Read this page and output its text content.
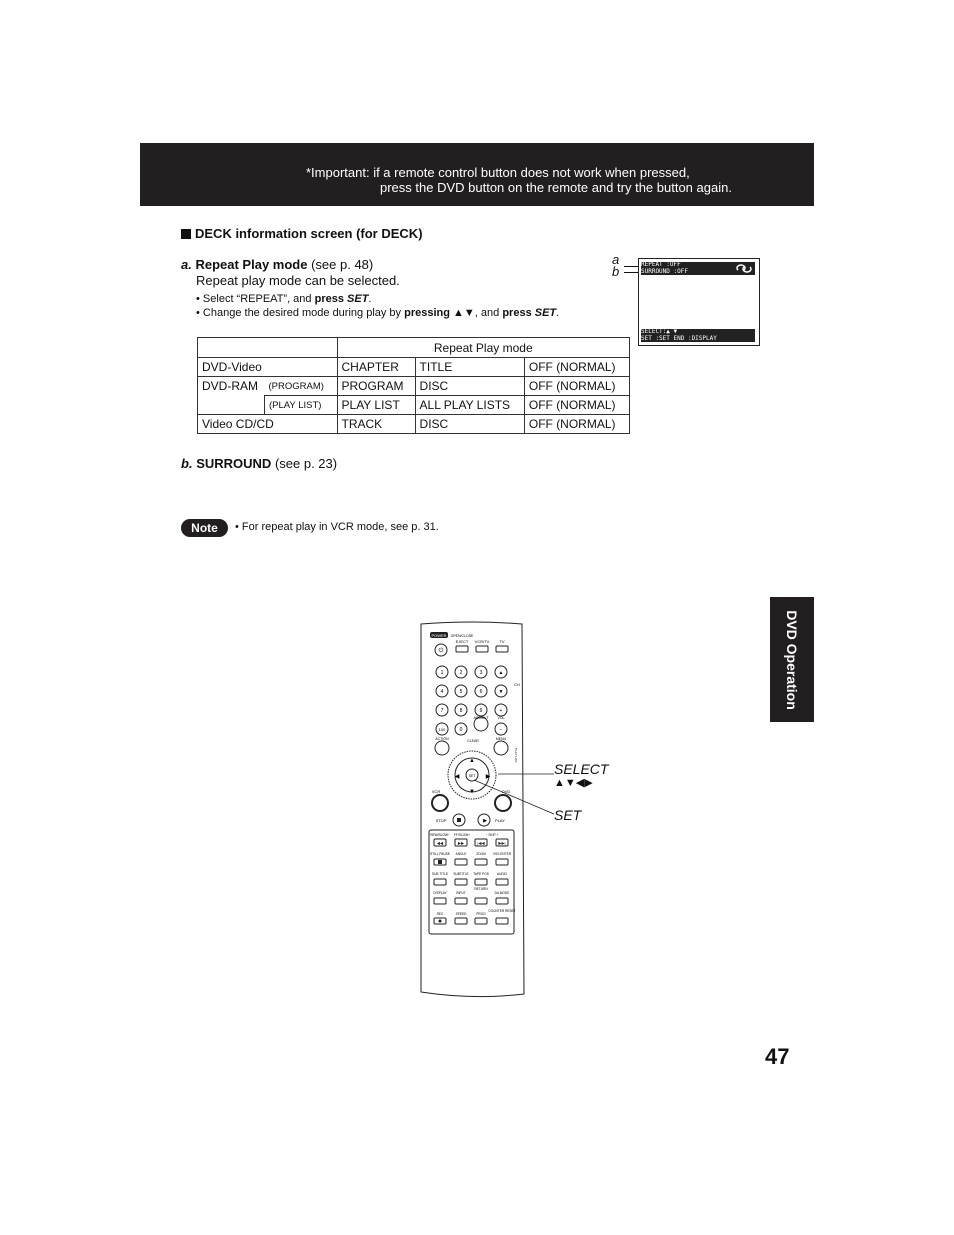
*Important: if a remote control button does not work when pressed,
press the DVD button on the remote and try the button again.
DECK information screen (for DECK)
a. Repeat Play mode (see p. 48)
Repeat play mode can be selected.
• Select “REPEAT”, and press SET.
• Change the desired mode during play by pressing ▲▼, and press SET.
a
b	REPEAT :OFF
SURROUND :OFF
SELECT:▲ ▼
SET :SET END :DISPLAY
		Repeat Play mode		
DVD-Video		CHAPTER	TITLE	OFF (NORMAL)
DVD-RAM	(PROGRAM)	PROGRAM	DISC	OFF (NORMAL)
	(PLAY LIST)	PLAY LIST	ALL PLAY LISTS	OFF (NORMAL)
Video CD/CD		TRACK	DISC	OFF (NORMAL)
b. SURROUND (see p. 23)
Note	• For repeat play in VCR mode, see p. 31.
DVD Operation
SELECT
▲▼◀▶
SET
POWER OPEN/CLOSE
EJECT VCR/TV	TV
⏻
1	2	3
4	5	6
7	8	9
100	0
▲
▼
+
−
ADD/DLT	VOL
CH
ACTION	CLEAR	MENU
PLAY LIST
SET
▲
▼
◀	▶
VCR	DVD
STOP	▶ PLAY
REW/SLOW− FF/SLOW+	− SKIP +
STILL PAUSE ANGLE	ZOOM VSS ENTER
SUB TITLE SUBTITLE TAPE POS	AUDIO
DISPLAY	INPUT
RETURN
DA MODE
REC	SPEED	PROG
COUNTER RESET
◀◀	▶▶	|◀◀	▶▶|
47
